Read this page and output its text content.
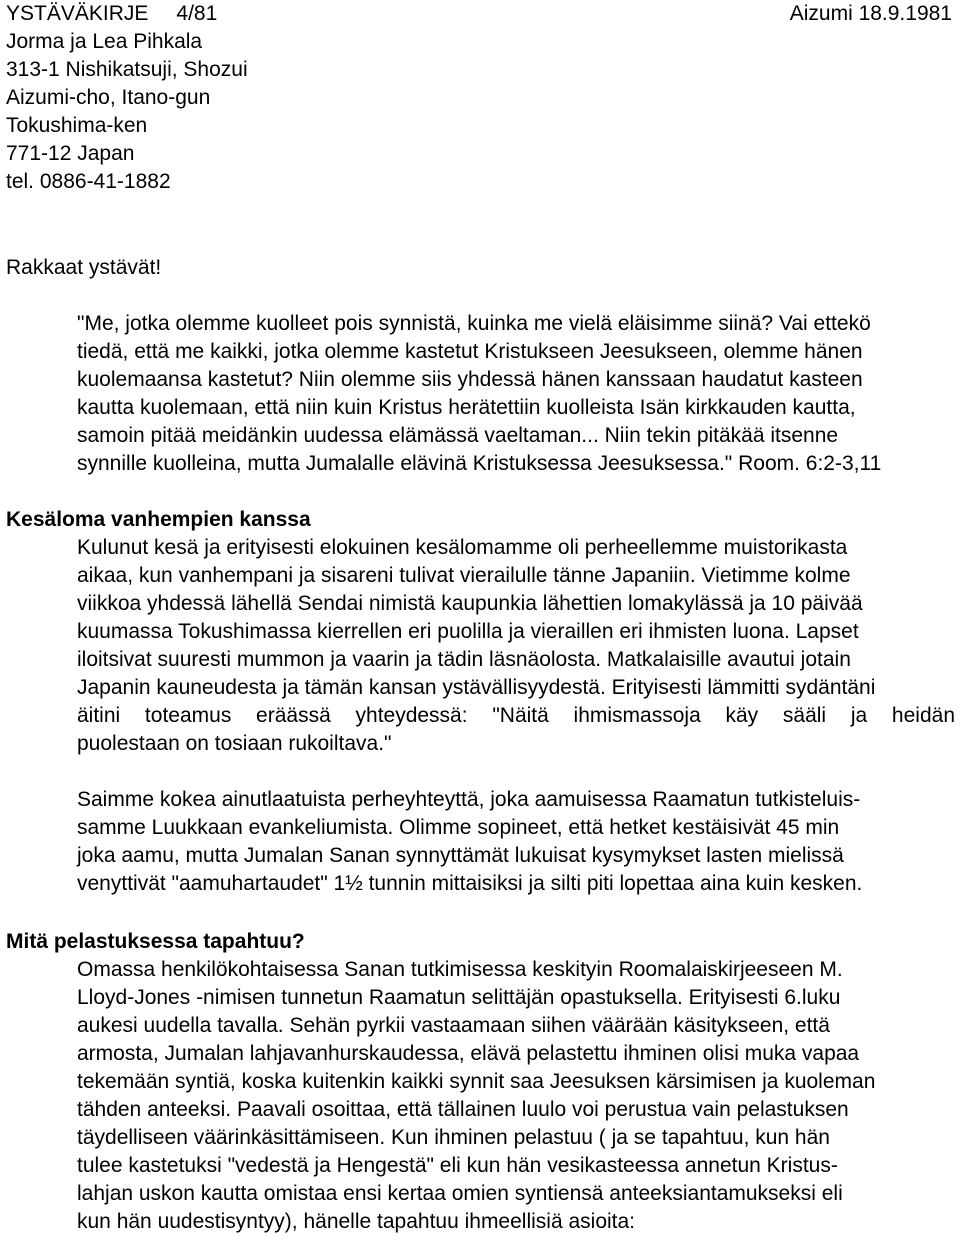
YSTÄVÄKIRJE 4/81	Aizumi 18.9.1981
Jorma ja Lea Pihkala
313-1 Nishikatsuji, Shozui
Aizumi-cho, Itano-gun
Tokushima-ken
771-12 Japan
tel. 0886-41-1882
Rakkaat ystävät!
"Me, jotka olemme kuolleet pois synnistä, kuinka me vielä eläisimme siinä? Vai ettekö
tiedä, että me kaikki, jotka olemme kastetut Kristukseen Jeesukseen, olemme hänen
kuolemaansa kastetut? Niin olemme siis yhdessä hänen kanssaan haudatut kasteen
kautta kuolemaan, että niin kuin Kristus herätettiin kuolleista Isän kirkkauden kautta,
samoin pitää meidänkin uudessa elämässä vaeltaman... Niin tekin pitäkää itsenne
synnille kuolleina, mutta Jumalalle elävinä Kristuksessa Jeesuksessa." Room. 6:2-3,11
Kesäloma vanhempien kanssa
Kulunut kesä ja erityisesti elokuinen kesälomamme oli perheellemme muistorikasta
aikaa, kun vanhempani ja sisareni tulivat vierailulle tänne Japaniin. Vietimme kolme
viikkoa yhdessä lähellä Sendai nimistä kaupunkia lähettien lomakylässä ja 10 päivää
kuumassa Tokushimassa kierrellen eri puolilla ja vieraillen eri ihmisten luona. Lapset
iloitsivat suuresti mummon ja vaarin ja tädin läsnäolosta. Matkalaisille avautui jotain
Japanin kauneudesta ja tämän kansan ystävällisyydestä. Erityisesti lämmitti sydäntäni
äitini toteamus eräässä yhteydessä: "Näitä ihmismassoja käy sääli ja heidän
puolestaan on tosiaan rukoiltava."
Saimme kokea ainutlaatuista perheyhteyttä, joka aamuisessa Raamatun tutkisteluis-
samme Luukkaan evankeliumista. Olimme sopineet, että hetket kestäisivät 45 min
joka aamu, mutta Jumalan Sanan synnyttämät lukuisat kysymykset lasten mielissä
venyttivät "aamuhartaudet" 1½ tunnin mittaisiksi ja silti piti lopettaa aina kuin kesken.
Mitä pelastuksessa tapahtuu?
Omassa henkilökohtaisessa Sanan tutkimisessa keskityin Roomalaiskirjeeseen M.
Lloyd-Jones -nimisen tunnetun Raamatun selittäjän opastuksella. Erityisesti 6.luku
aukesi uudella tavalla. Sehän pyrkii vastaamaan siihen väärään käsitykseen, että
armosta, Jumalan lahjavanhurskaudessa, elävä pelastettu ihminen olisi muka vapaa
tekemään syntiä, koska kuitenkin kaikki synnit saa Jeesuksen kärsimisen ja kuoleman
tähden anteeksi. Paavali osoittaa, että tällainen luulo voi perustua vain pelastuksen
täydelliseen väärinkäsittämiseen. Kun ihminen pelastuu ( ja se tapahtuu, kun hän
tulee kastetuksi "vedestä ja Hengestä" eli kun hän vesikasteessa annetun Kristus-
lahjan uskon kautta omistaa ensi kertaa omien syntiensä anteeksiantamukseksi eli
kun hän uudestisyntyy), hänelle tapahtuu ihmeellisiä asioita:
